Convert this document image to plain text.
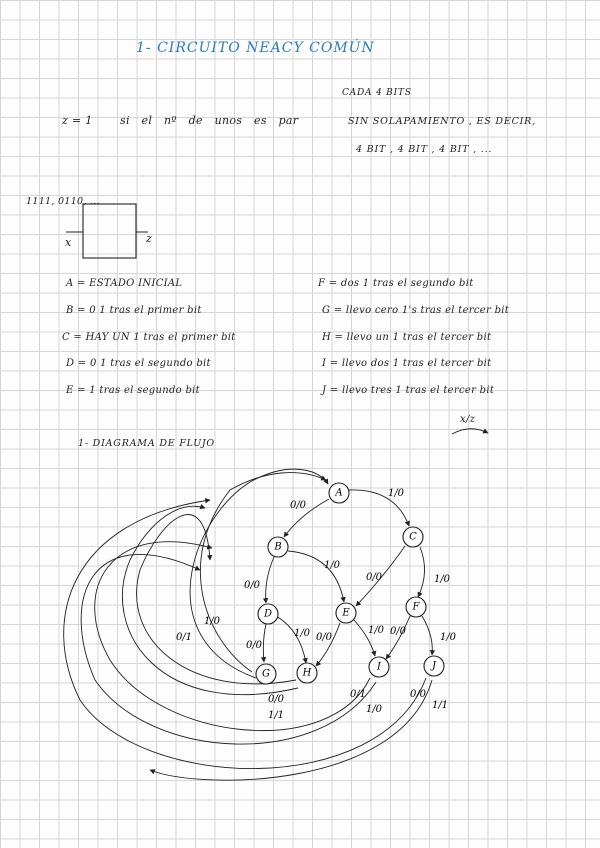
1- CIRCUITO NEACY COMÚN
z = 1 si el nº de unos es par
CADA 4 BITS
SIN SOLAPAMIENTO , ES DECIR,
4 BIT , 4 BIT , 4 BIT , ...
1111, 0110, ...
x	z
A = ESTADO INICIAL
B = 0 1 tras el primer bit
C = HAY UN 1 tras el primer bit
D = 0 1 tras el segundo bit
E = 1 tras el segundo bit
F = dos 1 tras el segundo bit
G = llevo cero 1's tras el tercer bit
H = llevo un 1 tras el tercer bit
I = llevo dos 1 tras el tercer bit
J = llevo tres 1 tras el tercer bit
x/z
1- DIAGRAMA DE FLUJO
A
B
C
D	E
F
G	H
I	J
0/0
1/0
0/0
1/0
0/0	1/0
0/0
1/0 0/0
1/0 0/0
1/0
0/1
1/0
0/0
1/1
0/1
1/0
0/0
1/1
